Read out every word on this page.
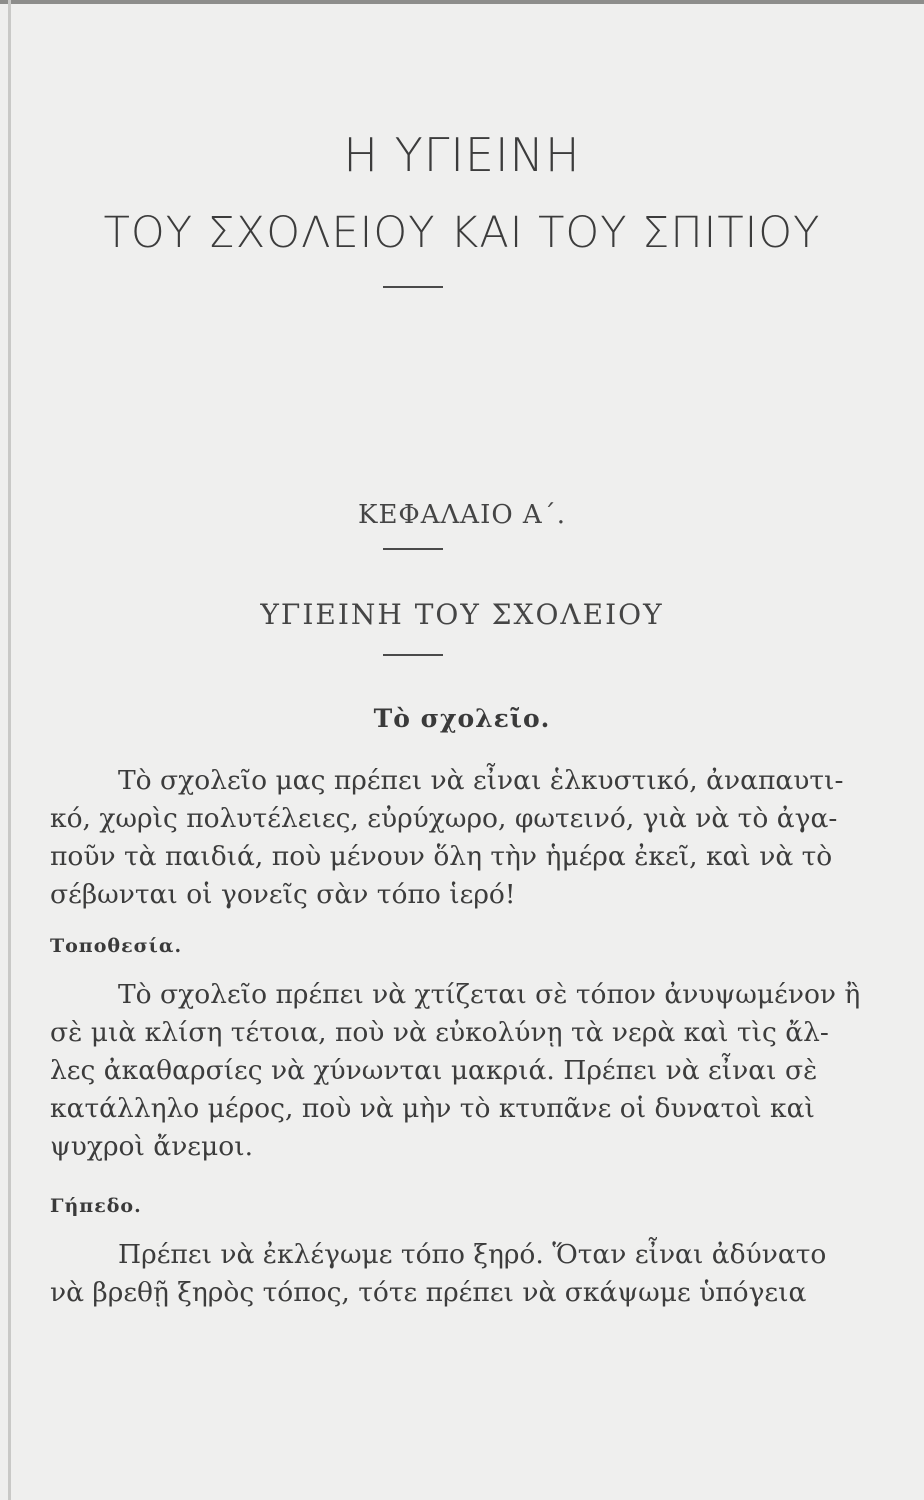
Η ΥΓΙΕΙΝΗ
ΤΟΥ ΣΧΟΛΕΙΟΥ ΚΑΙ ΤΟΥ ΣΠΙΤΙΟΥ
ΚΕΦΑΛΑΙΟ Α΄.
ΥΓΙΕΙΝΗ ΤΟΥ ΣΧΟΛΕΙΟΥ
Τὸ σχολεῖο.
Τὸ σχολεῖο μας πρέπει νὰ εἶναι ἑλκυστικό, ἀναπαυτι-
κό, χωρὶς πολυτέλειες, εὐρύχωρο, φωτεινό, γιὰ νὰ τὸ ἀγα-
ποῦν τὰ παιδιά, ποὺ μένουν ὅλη τὴν ἡμέρα ἐκεῖ, καὶ νὰ τὸ
σέβωνται οἱ γονεῖς σὰν τόπο ἱερό!
Τοποθεσία.
Τὸ σχολεῖο πρέπει νὰ χτίζεται σὲ τόπον ἀνυψωμένον ἢ
σὲ μιὰ κλίση τέτοια, ποὺ νὰ εὐκολύνῃ τὰ νερὰ καὶ τὶς ἄλ-
λες ἀκαθαρσίες νὰ χύνωνται μακριά. Πρέπει νὰ εἶναι σὲ
κατάλληλο μέρος, ποὺ νὰ μὴν τὸ κτυπᾶνε οἱ δυνατοὶ καὶ
ψυχροὶ ἄνεμοι.
Γήπεδο.
Πρέπει νὰ ἐκλέγωμε τόπο ξηρό. Ὅταν εἶναι ἀδύνατο
νὰ βρεθῇ ξηρὸς τόπος, τότε πρέπει νὰ σκάψωμε ὑπόγεια
